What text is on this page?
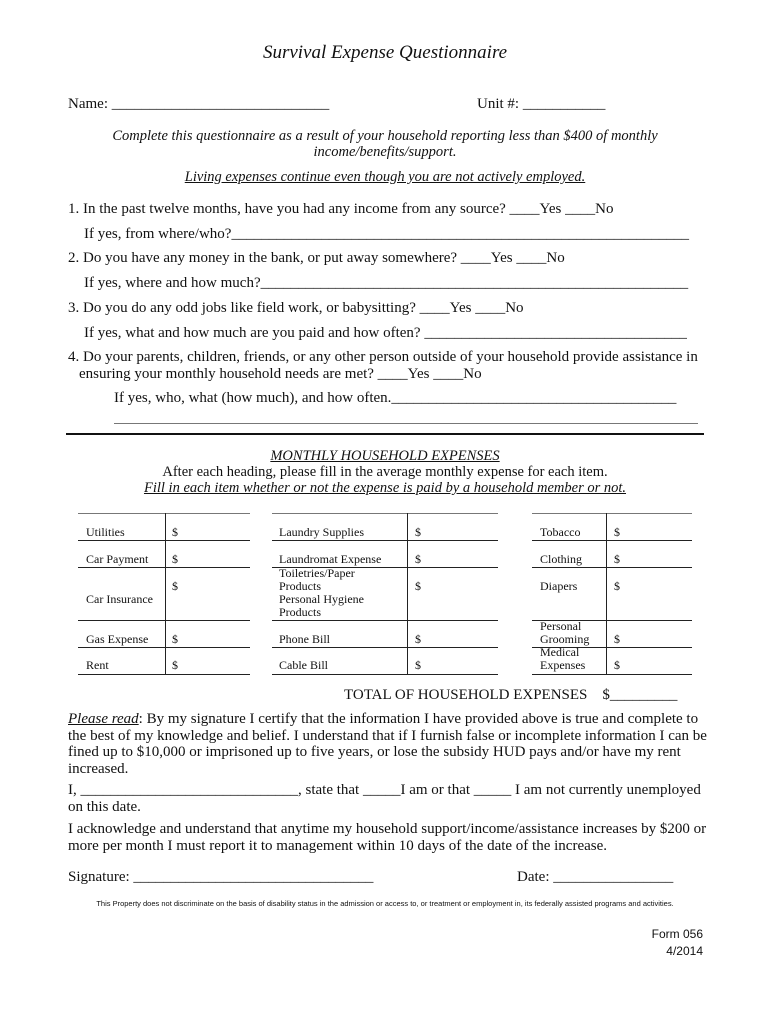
Survival Expense Questionnaire
Name: _____________________________	Unit #: ___________
Complete this questionnaire as a result of your household reporting less than $400 of monthly
income/benefits/support.
Living expenses continue even though you are not actively employed.
1. In the past twelve months, have you had any income from any source? ____Yes ____No
If yes, from where/who?_____________________________________________________________
2. Do you have any money in the bank, or put away somewhere? ____Yes ____No
If yes, where and how much?_________________________________________________________
3. Do you do any odd jobs like field work, or babysitting? ____Yes ____No
If yes, what and how much are you paid and how often? ___________________________________
4. Do your parents, children, friends, or any other person outside of your household provide assistance in
ensuring your monthly household needs are met? ____Yes ____No
If yes, who, what (how much), and how often.______________________________________
MONTHLY HOUSEHOLD EXPENSES
After each heading, please fill in the average monthly expense for each item.
Fill in each item whether or not the expense is paid by a household member or not.
Utilities
Car Payment
Car Insurance
Gas Expense
Rent
$
$
$
$
$
Laundry Supplies
Laundromat Expense
Toiletries/Paper
Products
Personal Hygiene
Products
Phone Bill
Cable Bill
$
$
$
$
$
Tobacco
Clothing
Diapers
Personal
Grooming
Medical
Expenses
$
$
$
$
$
TOTAL OF HOUSEHOLD EXPENSES    $_________
Please read: By my signature I certify that the information I have provided above is true and complete to the best of my knowledge and belief. I understand that if I furnish false or incomplete information I can be fined up to $10,000 or imprisoned up to five years, or lose the subsidy HUD pays and/or have my rent increased.
I, _____________________________, state that _____I am or that _____ I am not currently unemployed on this date.
I acknowledge and understand that anytime my household support/income/assistance increases by $200 or more per month I must report it to management within 10 days of the date of the increase.
Signature: ________________________________	Date: ________________
This Property does not discriminate on the basis of disability status in the admission or access to, or treatment or employment in, its federally assisted programs and activities.
Form 056
4/2014
